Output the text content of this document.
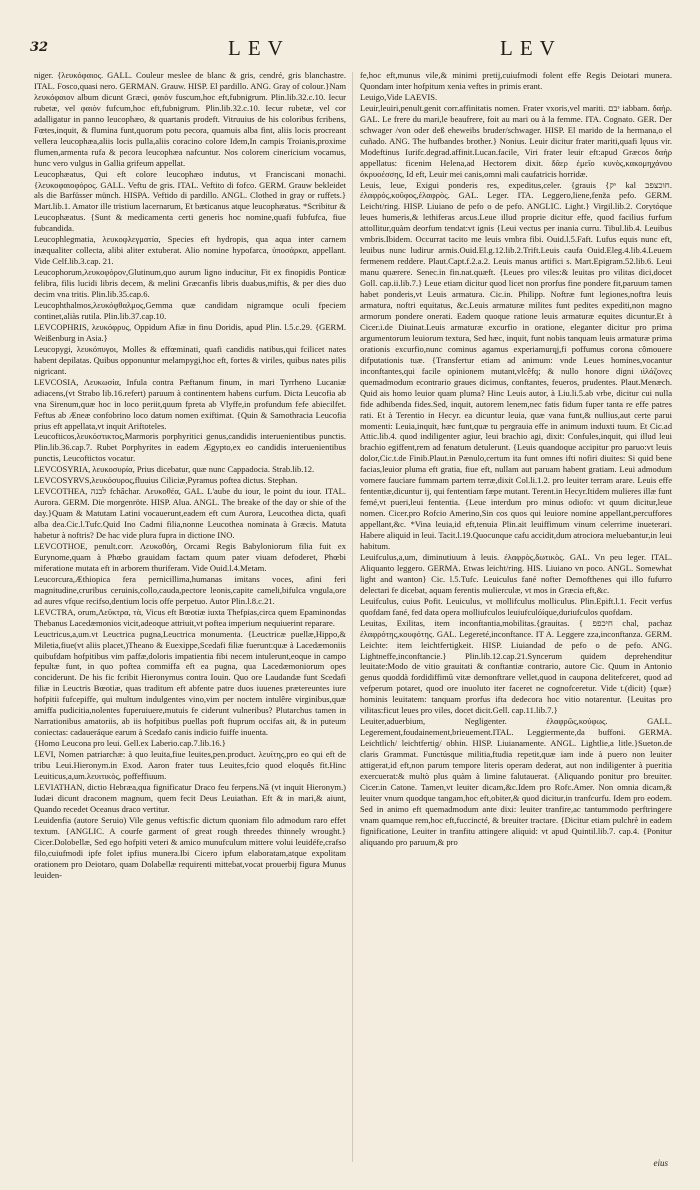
32	LEV	LEV

niger. {λευκόφαιος. GALL. Couleur meslee de blanc & gris, cendré, gris blanchastre. ITAL. Fosco,quasi nero. GERMAN. Grauw. HISP. El pardillo. ANG. Gray of colour.}Nam λευκόφαιον album dicunt Græci, φαιὸν fuscum,hoc eft,fubnigrum. Plin.lib.32.c.10. Iecur rubetæ, vel φαιὸν fufcum,hoc eft,fubnigrum. Plin.lib.32.c.10. Iecur rubetæ, vel cor adalligatur in panno leucophæo, & quartanis prodeft. Vitruuius de his coloribus fcribens, Fœtes,inquit, & flumina funt,quorum potu pecora, quamuis alba fint, aliis locis procreant vellera leucophæa,aliis locis pulla,aliis coracino colore Idem,In campis Troianis,proxime flumen,armenta rufa & pecora leucophæa nafcuntur. Nos colorem cinericium vocamus, hunc vero vulgus in Gallia grifeum appellat.

Leucophæatus, Qui eft colore leucophæo indutus, vt Franciscani monachi. {λευκοφαιοφόρος. GALL. Veftu de gris. ITAL. Veftito di fofco. GERM. Grauw bekleidet als die Barfüsser münch. HISPA. Veftido di pardillo. ANGL. Clothed in gray or ruffets.} Mart.lib.1. Amator ille tristium lacernarum, Et bæticanus atque leucophæatus. *Scribitur & Leucophæatus. {Sunt & medicamenta certi generis hoc nomine,quafi fubfufca, fiue fubcandida.

Leucophlegmatia, λευκοφλεγματία, Species eft hydropis, qua aqua inter carnem inæqualiter collecta, alibi aliter extuberat. Alio nomine hypofarca, ὑποσάρκα, appellant. Vide Celf.lib.3.cap. 21.

Leucophorum,λευκοφόρον,Glutinum,quo aurum ligno inducitur, Fit ex finopidis Ponticæ felibra, filis lucidi libris decem, & melini Græcanfis libris duabus,miftis, & per dies duo decim vna tritis. Plin.lib.35.cap.6.

Leucophthalmos,λευκόφθαλμος,Gemma quæ candidam nigramque oculi fpeciem continet,aliàs rutila. Plin.lib.37.cap.10.

LEVCOPHRIS, λευκόφρυς, Oppidum Afiæ in finu Doridis, apud Plin. l.5.c.29. {GERM. Weißenburg in Asia.}

Leucopygi, λευκόπυγοι, Molles & effœminati, quafi candidis natibus,qui fcilicet nates habent depilatas. Quibus opponuntur melampygi,hoc eft, fortes & viriles, quibus nates pilis nigricant.

LEVCOSIA, Λευκωσία, Infula contra Pæftanum finum, in mari Tyrrheno Lucaniæ adiacens,(vt Strabo lib.16.refert) paruum à continentem habens curfum. Dicta Leucofia ab vna Sirenum,quæ hoc in loco periit,quum fpreta ab Vlyffe,in profundum fefe abiecilfet. Feftus ab Æneæ confobrino loco datum nomen exiftimat. {Quin & Samothracia Leucofia prius eft appellata,vt inquit Ariftoteles.

Leucofticos,λευκόστικτος,Marmoris porphyritici genus,candidis interuenientibus punctis. Plin.lib.36.cap.7. Rubet Porphyrites in eadem Ægypto,ex eo candidis interuenientibus punctis, Leucoftictos vocatur.

LEVCOSYRIA, λευκοσυρία, Prius dicebatur, quæ nunc Cappadocia. Strab.lib.12.

LEVCOSYRVS,λευκόσυρος,fluuius Ciliciæ,Pyramus poftea dictus. Stephan.

LEVCOTHEA, לבנה fchâchar. Λευκοθέα, GAL. L'aube du iour, le point du iour. ITAL. Aurora. GERM. Die morgenröte. HISP. Alua. ANGL. The breake of the day or shie of the day.}Quam & Matutam Latini vocauerunt,eadem eft cum Aurora, Leucothea dicta, quafi alba dea.Cic.l.Tufc.Quid Ino Cadmi filia,nonne Leucothea nominata à Græcis. Matuta habetur à noftris? De hac vide plura fupra in dictione INO.

LEVCOTHOE, penult.corr. Λευκοθόη, Orcami Regis Babyloniorum filia fuit ex Eurynome,quam à Phœbo grauidam factam quum pater viuam defoderet, Phœbi miferatione mutata eft in arborem thuriferam. Vide Ouid.l.4.Metam.

Leucorcura,Æthiopica fera pernicillima,humanas imitans voces, afini feri magnitudine,cruribus ceruinis,collo,cauda,pectore leonis,capite cameli,bifulca vngula,ore ad aures vfque recifso,dentium locis offe perpetuo. Autor Plin.l.8.c.21.

LEVCTRA, orum,Λεῦκτρα, τὰ, Vicus eft Bœotiæ iuxta Thefpias,circa quem Epaminondas Thebanus Lacedæmonios vicit,adeoque attriuit,vt poftea imperium nequiuerint reparare.

Leuctricus,a,um.vt Leuctrica pugna,Leuctrica monumenta. {Leuctricæ puellæ,Hippo,& Miletia,fiue(vt aliis placet,)Theano & Euexippe,Scedafi filiæ fuerunt:quæ à Lacedæmoniis quibufdam hofpitibus vim paffæ,doloris impatientia fibi necem intulerunt,eoque in campo fepultæ funt, in quo poftea commiffa eft ea pugna, qua Lacedæmoniorum opes conciderunt. De his fic fcribit Hieronymus contra Iouin. Quo ore Laudandæ funt Scedafi filiæ in Leuctris Bœotiæ, quas traditum eft abfente patre duos iuuenes prætereuntes iure hofpitii fufcepiffe, qui multum indulgentes vino,vim per noctem intulêre virginibus,quæ amiffa pudicitia,nolentes fuperuiuere,mutuis fe ciderunt vulneribus? Plutarchus tamen in Narrationibus amatoriis, ab iis hofpitibus puellas poft ftuprum occifas ait, & in puteum coniectas: cadaueráque earum à Scedafo canis indicio fuiffe inuenta.

{Homo Leucona pro leui. Gell.ex Laberio.cap.7.lib.16.}

LEVI, Nomen patriarchæ: à quo leuita,fiue leuites,pen.product. λευίτης,pro eo qui eft de tribu Leui.Hieronym.in Exod. Aaron frater tuus Leuites,fcio quod eloquês fit.Hinc Leuiticus,a,um.λευιτικὸς, poffeffiuum.

LEVIATHAN, dictio Hebræa,qua fignificatur Draco feu ferpens.Nã (vt inquit Hieronym.) Iudæi dicunt draconem magnum, quem fecit Deus Leuiathan. Eft & in mari,& aiunt, Quando recedet Oceanus draco vertitur.

Leuidenfia (autore Seruio) Vile genus veftis:fic dictum quoniam filo admodum raro effet textum. {ANGLIC. A courfe garment of great rough threedes thinnely wrought.} Cicer.Dolobellæ, Sed ego hofpiti veteri & amico munufculum mittere volui leuidéfe,crafso filo,cuiufmodi ipfe folet ipfius munera.Ibi Cicero ipfum elaboratam,atque expolitam orationem pro Deiotaro, quam Dolabellæ requirenti mittebat,vocat prouerbij figura Munus leuiden-

fe,hoc eft,munus vile,& minimi pretij,cuiufmodi folent effe Regis Deiotari munera. Quondam inter hofpitum xenia veftes in primis erant.

Leuigo,Vide LAEVIS.

Leuir,leuiri,penult.genit corr.affinitatis nomen. Frater vxoris,vel mariti. יבם iabbam. δαήρ. GAL. Le frere du mari,le beaufrere, foit au mari ou à la femme. ITA. Cognato. GER. Der schwager /von oder deß eheweibs bruder/schwager. HISP. El marido de la hermana,o el cuñado. ANG. The hufbandes brother.} Nonius. Leuir dicitur frater mariti,quafi lęuus vir. Modeftinus Iurifc.degrad.affinit.Lucan.facile, Viri frater leuir eft:apud Græcos δαήρ appellatus: ficenim Helena,ad Hectorem dixit. δᾶερ ἐμεῖο κυνὸς,κακομηχάνου ὀκρυοέσσης, Id eft, Leuir mei canis,omni mali caufatricis horridæ.

Leuis, leue, Exigui ponderis res, expeditus,celer. {grauis {יק kal חוכצפכ. ἐλαφρός,κοῦφος,ἐλαφρὸς. GAL. Leger. ITA. Leggero,liene,fenz̃a pefo. GERM. Leicht/ring. HISP. Liuiano de pefo o de pefo. ANGLIC. Light.} Virgil.lib.2. Corytóque leues humeris,& lethiferas arcus.Leue illud proprie dicitur effe, quod facilius furfum attollitur,quàm deorfum tendat:vt ignis {Leui vectus per inania curru. Tibul.lib.4. Leuibus vmbris.Ibidem. Occurrat tacito me leuis vmbra fibi. Ouid.l.5.Faft. Lufus equis nunc eft, leuibus nunc ludirur armis.Ouid.El.g.12.lib.2.Trift.Leuis caufa Ouid.Eleg.4.lib.4.Leuem fermenem reddere. Plaut.Capt.f.2.a.2. Leuis manus artifici s. Mart.Epigram.52.lib.6. Leui manu quærere. Senec.in fin.nat.quæft. {Leues pro viles:& leuitas pro vilitas dici,docet Goll. cap.ii.lib.7.} Leue etiam dicitur quod licet non prorfus fine pondere fit,paruum tamen habet ponderis,vt Leuis armatura. Cic.in. Philipp. Noftræ funt legiones,noftra leuis armatura, noftri equitatus, &c.Leuis armaturæ milites funt pedites expediti,non magno armorum pondere onerati. Eadem quoque ratione leuis armaturæ equites dicuntur.Et à Cicer.i.de Diuinat.Leuis armaturæ excurfio in oratione, eleganter dicitur pro prima argumentorum leuiorum textura, Sed hæc, inquit, funt nobis tanquam leuis armaturæ prima orationis excurfio,nunc cominus agamus experiamurqj,fi poffumus corona cômouere difputationis tuæ. {Transfertur etiam ad animum: vnde Leues homines,vocantur inconftantes,qui facile opinionem mutant,vlcêfq; & nullo honore digni ιὶλάζονες quemadmodum econtrario graues dicimus, conftantes, feueros, prudentes. Plaut.Menæch. Quid ais homo leuior quam pluma? Hinc Leuis autor, à Liu.li.5.ab vrbe, dicitur cui nulla fide adhibenda fides.Sed, inquit, autorem lenem,nec fatis fidum fuper tanta re effe patres rati. Et à Terentio in Hecyr. ea dicuntur leuia, quæ vana funt,& nullius,aut certe parui momenti: Leuia,inquit, hæc funt,quæ tu pergrauia effe in animum induxti tuum. Et Cic.ad Attic.lib.4. quod indiligenter agiur, leui brachio agi, dixit: Confules,inquit, qui illud leui brachio egiffent,rem ad fenatum detulerunt. {Leuis quandoque accipitur pro paruo:vt leuis dolor,Cic.t.de Finib.Plaut.in Pænulo,certum ita funt omnes ifti nofiri diuites: Si quid bene facias,leuior pluma eft gratia, fiue eft, nullam aut paruam habent gratiam. Leui admodum vomere fauciare fummam partem terræ,dixit Col.li.1.2. pro leuiter terram arare. Leuis effe fententiæ,dicuntur ij, qui fententiam fæpe mutant. Terent.in Hecyr.Itidem mulieres illæ funt femé,vt pueri,leui fententia. {Leue interdum pro minus odiofo: vt quum dicitur,leue nomen. Cicer.pro Rofcio Amerino,Sin cos quos qui leuiore nomine appellant,percuffores appellant,&c. *Vina leuia,id eft,tenuia Plin.ait leuiffimum vinum celerrime inueterari. Habere aliquid in leui. Tacit.l.19.Quocunque cafu accidit,dum atrociora meluebantur,in leui habitum.

Leuifculus,a,um, diminutiuum à leuis. ἐλαφρὸς,δωτικὸς. GAL. Vn peu leger. ITAL. Aliquanto leggero. GERMA. Etwas leicht/ring. HIS. Liuiano vn poco. ANGL. Somewhat light and wanton} Cic. l.5.Tufc. Leuiculus fané nofter Demofthenes qui illo fufurro delectari fe dicebat, aquam ferentis mulierculæ, vt mos in Græcia eft,&c.

Leuifculus, cuius Pofit. Leuiculus, vt mollifculus molliculus. Plin.Epift.l.1. Fecit verfus quofdam fané, fed data opera molliufculos leuiufculóíque,duriufculos quofdam.

Leuitas, Exilitas, item inconftantia,mobilitas.{grauitas. { חיכפפ chal, pachaz ἐλαφρότης,κουφότης. GAL. Legereté,inconftance. IT A. Leggere zza,inconftanza. GERM. Leichte: item leichtfertigkeit. HISP. Liuiandad de pefo o de pefo. ANG. Lightneffe,inconftancie.} Plin.lib.12.cap.21.Syncerum quidem deprehenditur leuitate:Modo de vitio grauitati & conftantiæ contrario, autore Cic. Quum in Antonio genus quoddà fordidiffimū vitæ demonftrare vellet,quod in caupona delitefceret, quod ad vefperum potaret, quod ore inuoluto iter faceret ne cognofceretur. Vide t.(dicit) {quæ} hominis leuitatem: tanquam prorfus ifta dedecora hoc vitio notarentur. {Leuitas pro vilitas:ficut leues pro viles, docet dicit.Gell. cap.11.lib.7.}

Leuiter,aduerbium, Negligenter. ἐλαφρῶς,κούφως. GALL. Legerement,foudainement,brieuement.ITAL. Leggiermente,da buffoni. GERMA. Leichtlich/ leichtfertig/ obhin. HISP. Liuianamente. ANGL. Lightlie,a litle.}Sueton.de claris Grammat. Functúsque militia,ftudia repetit,quæ iam inde à puero non leuiter attigerat,id eft,non parum tempore literis operam dederat, aut non indiligenter à pueritia exercuerat:& multò plus quàm à limine falutauerat. {Aliquando ponitur pro breuiter. Cicer.in Catone. Tamen,vt leuiter dicam,&c.Idem pro Rofc.Amer. Non omnia dicam,& leuiter vnum quodque tangam,hoc eft,obiter,& quod dicitur,in tranfcurfu. Idem pro eodem. Sed in animo eft quemadmodum ante dixi: leuiter tranfire,ac tantummodo perftringere vnam quamque rem,hoc eft,fuccincté, & breuiter tractare. {Dicitur etiam pulchrè in eadem fignificatione, Leuiter in tranfitu attingere aliquid: vt apud Quintil.lib.7. cap.4. {Ponitur aliquando pro paruum,& pro

eius
